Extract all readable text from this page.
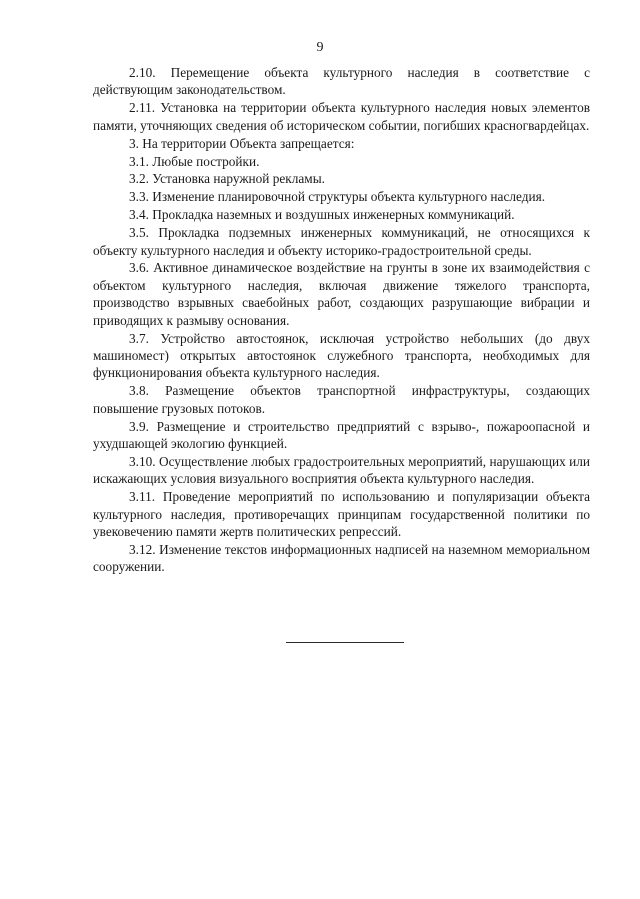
9

2.10. Перемещение объекта культурного наследия в соответствие с действующим законодательством.

2.11. Установка на территории объекта культурного наследия новых элементов памяти, уточняющих сведения об историческом событии, погибших красногвардейцах.

3. На территории Объекта запрещается:

3.1. Любые постройки.

3.2. Установка наружной рекламы.

3.3. Изменение планировочной структуры объекта культурного наследия.

3.4. Прокладка наземных и воздушных инженерных коммуникаций.

3.5. Прокладка подземных инженерных коммуникаций, не относящихся к объекту культурного наследия и объекту историко-градостроительной среды.

3.6. Активное динамическое воздействие на грунты в зоне их взаимодействия с объектом культурного наследия, включая движение тяжелого транспорта, производство взрывных сваебойных работ, создающих разрушающие вибрации и приводящих к размыву основания.

3.7. Устройство автостоянок, исключая устройство небольших (до двух машиномест) открытых автостоянок служебного транспорта, необходимых для функционирования объекта культурного наследия.

3.8. Размещение объектов транспортной инфраструктуры, создающих повышение грузовых потоков.

3.9. Размещение и строительство предприятий с взрыво-, пожароопасной и ухудшающей экологию функцией.

3.10. Осуществление любых градостроительных мероприятий, нарушающих или искажающих условия визуального восприятия объекта культурного наследия.

3.11. Проведение мероприятий по использованию и популяризации объекта культурного наследия, противоречащих принципам государственной политики по увековечению памяти жертв политических репрессий.

3.12. Изменение текстов информационных надписей на наземном мемориальном сооружении.
